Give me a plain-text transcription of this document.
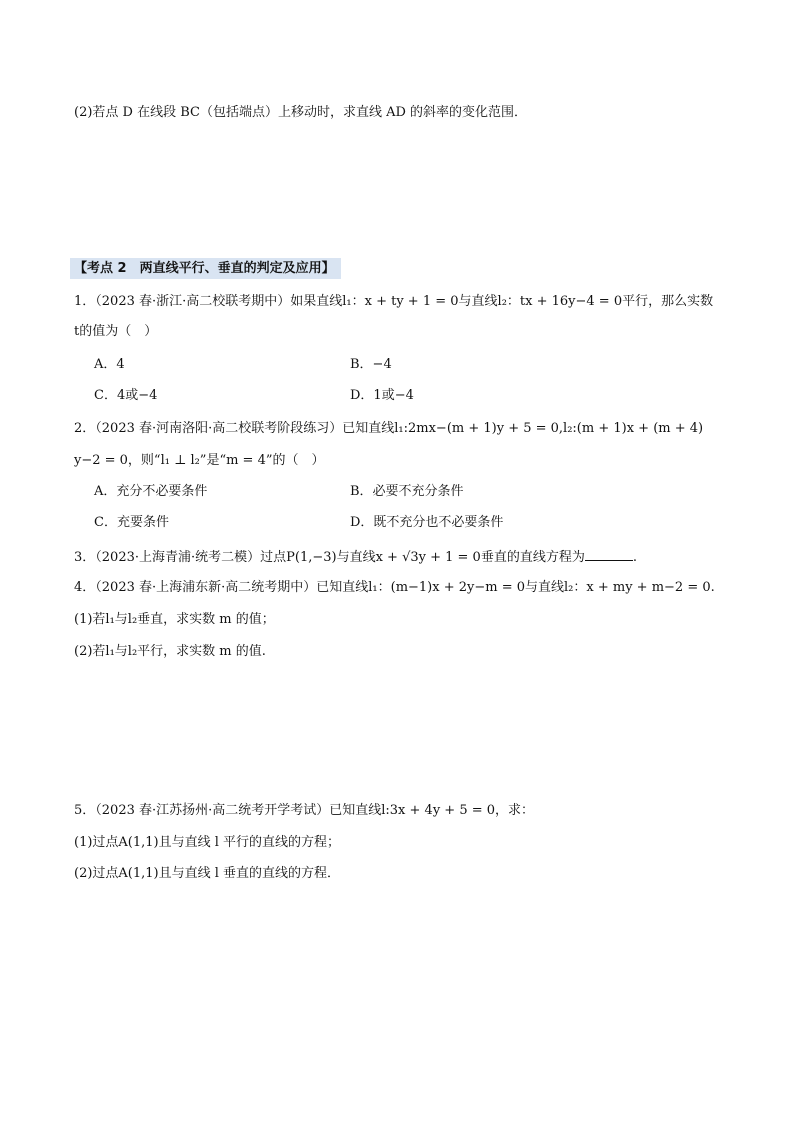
(2)若点 D 在线段 BC（包括端点）上移动时，求直线 AD 的斜率的变化范围．
【考点 2　两直线平行、垂直的判定及应用】
1．（2023 春·浙江·高二校联考期中）如果直线l₁：x + ty + 1 = 0与直线l₂：tx + 16y−4 = 0平行，那么实数
t的值为（　）
A．4	B．−4
C．4或−4	D．1或−4
2．（2023 春·河南洛阳·高二校联考阶段练习）已知直线l₁:2mx−(m + 1)y + 5 = 0,l₂:(m + 1)x + (m + 4)
y−2 = 0，则“l₁ ⊥ l₂”是“m = 4”的（　）
A．充分不必要条件	B．必要不充分条件
C．充要条件	D．既不充分也不必要条件
3．（2023·上海青浦·统考二模）过点P(1,−3)与直线x + √3y + 1 = 0垂直的直线方程为	.
4．（2023 春·上海浦东新·高二统考期中）已知直线l₁：(m−1)x + 2y−m = 0与直线l₂：x + my + m−2 = 0.
(1)若l₁与l₂垂直，求实数 m 的值；
(2)若l₁与l₂平行，求实数 m 的值.
5．（2023 春·江苏扬州·高二统考开学考试）已知直线l:3x + 4y + 5 = 0，求：
(1)过点A(1,1)且与直线 l 平行的直线的方程；
(2)过点A(1,1)且与直线 l 垂直的直线的方程．
